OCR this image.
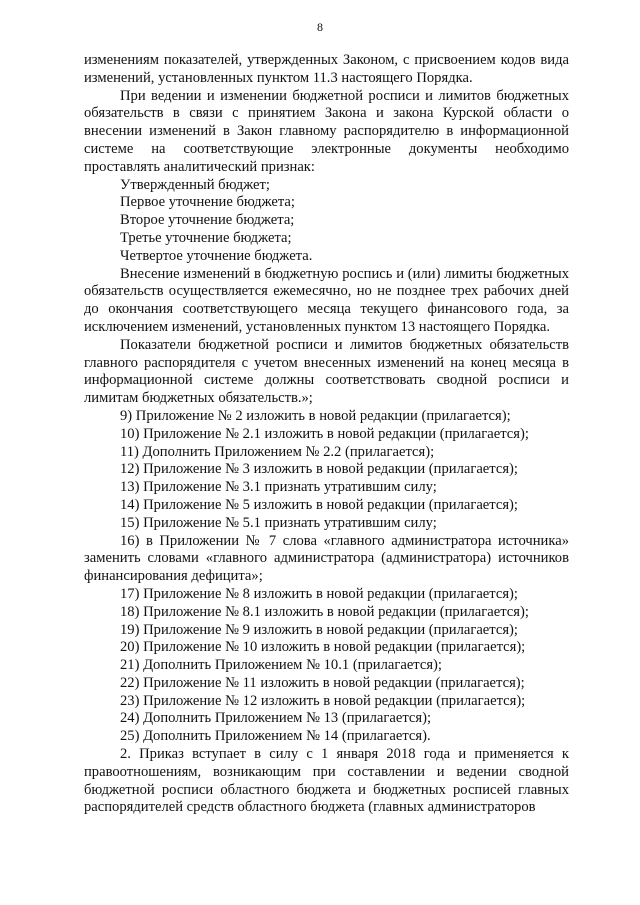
8

изменениям показателей, утвержденных Законом, с присвоением кодов вида изменений, установленных пунктом 11.3 настоящего Порядка.

При ведении и изменении бюджетной росписи и лимитов бюджетных обязательств в связи с принятием Закона и закона Курской области о внесении изменений в Закон главному распорядителю в информационной системе на соответствующие электронные документы необходимо проставлять аналитический признак:

Утвержденный бюджет;

Первое уточнение бюджета;

Второе уточнение бюджета;

Третье уточнение бюджета;

Четвертое уточнение бюджета.

Внесение изменений в бюджетную роспись и (или) лимиты бюджетных обязательств осуществляется ежемесячно, но не позднее трех рабочих дней до окончания соответствующего месяца текущего финансового года, за исключением изменений, установленных пунктом 13 настоящего Порядка.

Показатели бюджетной росписи и лимитов бюджетных обязательств главного распорядителя с учетом внесенных изменений на конец месяца в информационной системе должны соответствовать сводной росписи и лимитам бюджетных обязательств.»;

9) Приложение № 2 изложить в новой редакции (прилагается);

10) Приложение № 2.1 изложить в новой редакции (прилагается);

11) Дополнить Приложением № 2.2 (прилагается);

12) Приложение № 3 изложить в новой редакции (прилагается);

13) Приложение № 3.1 признать утратившим силу;

14) Приложение № 5 изложить в новой редакции (прилагается);

15) Приложение № 5.1 признать утратившим силу;

16) в Приложении № 7 слова «главного администратора источника» заменить словами «главного администратора (администратора) источников финансирования дефицита»;

17) Приложение № 8 изложить в новой редакции (прилагается);

18) Приложение № 8.1 изложить в новой редакции (прилагается);

19) Приложение № 9 изложить в новой редакции (прилагается);

20) Приложение № 10 изложить в новой редакции (прилагается);

21) Дополнить Приложением № 10.1 (прилагается);

22) Приложение № 11 изложить в новой редакции (прилагается);

23) Приложение № 12 изложить в новой редакции (прилагается);

24) Дополнить Приложением № 13 (прилагается);

25) Дополнить Приложением № 14 (прилагается).

2. Приказ вступает в силу с 1 января 2018 года и применяется к правоотношениям, возникающим при составлении и ведении сводной бюджетной росписи областного бюджета и бюджетных росписей главных распорядителей средств областного бюджета (главных администраторов
